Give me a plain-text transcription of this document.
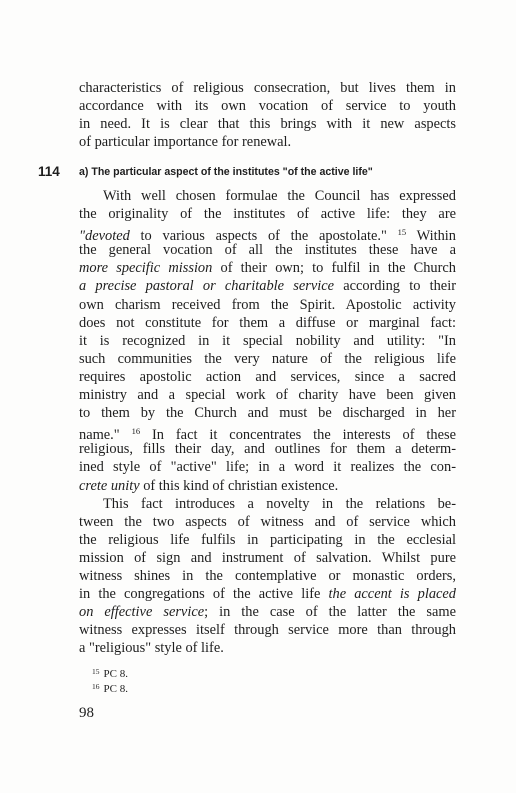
characteristics of religious consecration, but lives them in
accordance with its own vocation of service to youth
in need. It is clear that this brings with it new aspects
of particular importance for renewal.
114 a) The particular aspect of the institutes "of the active life"
With well chosen formulae the Council has expressed
the originality of the institutes of active life: they are
"devoted to various aspects of the apostolate." $^{15}$ Within
the general vocation of all the institutes these have a
more specific mission of their own; to fulfil in the Church
a precise pastoral or charitable service according to their
own charism received from the Spirit. Apostolic activity
does not constitute for them a diffuse or marginal fact:
it is recognized in it special nobility and utility: "In
such communities the very nature of the religious life
requires apostolic action and services, since a sacred
ministry and a special work of charity have been given
to them by the Church and must be discharged in her
name." $^{16}$ In fact it concentrates the interests of these
religious, fills their day, and outlines for them a determ-
ined style of "active" life; in a word it realizes the con-
crete unity of this kind of christian existence.
This fact introduces a novelty in the relations be-
tween the two aspects of witness and of service which
the religious life fulfils in participating in the ecclesial
mission of sign and instrument of salvation. Whilst pure
witness shines in the contemplative or monastic orders,
in the congregations of the active life the accent is placed
on effective service; in the case of the latter the same
witness expresses itself through service more than through
a "religious" style of life.
$^{15}$ PC 8.
$^{16}$ PC 8.
98
